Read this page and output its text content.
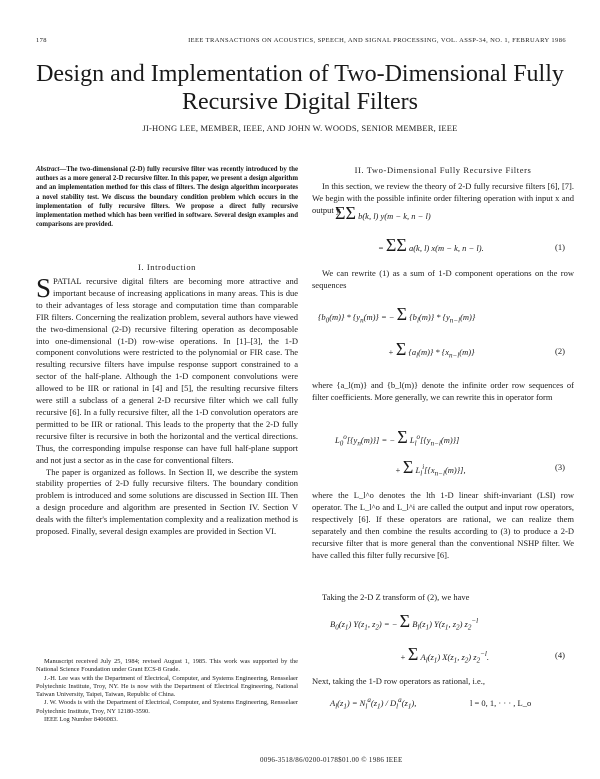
178	IEEE TRANSACTIONS ON ACOUSTICS, SPEECH, AND SIGNAL PROCESSING, VOL. ASSP-34, NO. 1, FEBRUARY 1986
Design and Implementation of Two-Dimensional Fully
Recursive Digital Filters
JI-HONG LEE, MEMBER, IEEE, AND JOHN W. WOODS, SENIOR MEMBER, IEEE
Abstract—The two-dimensional (2-D) fully recursive filter was recently introduced by the authors as a more general 2-D recursive filter. In this paper, we present a design algorithm and an implementation method for this class of filters. The design algorithm incorporates a novel stability test. We discuss the boundary condition problem which occurs in the implementation of fully recursive filters. We propose a direct fully recursive implementation method which has been verified in software. Several design examples and comparisons are provided.
I. Introduction

SPATIAL recursive digital filters are becoming more attractive and important because of increasing applications in many areas. This is due to their advantages of less storage and computation time than comparable FIR filters. Concerning the realization problem, several authors have viewed the two-dimensional (2-D) recursive filtering operation as decomposable into one-dimensional (1-D) row-wise operations. In [1]–[3], the 1-D component convolutions were restricted to the polynomial or FIR case. The resulting recursive filters have impulse response support constrained to a sector of the half-plane. Although the 1-D component convolutions were allowed to be IIR or rational in [4] and [5], the resulting recursive filters were still a subclass of a general 2-D recursive filter which we call fully recursive [6]. In a fully recursive filter, all the 1-D convolution operators are permitted to be IIR or rational. This leads to the property that the 2-D fully recursive filter is recursive in both the horizontal and the vertical directions. Thus, the corresponding impulse response can have full half-plane support and not just a sector as in the case for conventional filters.

The paper is organized as follows. In Section II, we describe the system stability properties of 2-D fully recursive filters. The boundary condition problem is introduced and some solutions are discussed in Section III. Then a design procedure and algorithm are presented in Section IV. Section V deals with the filter's implementation complexity and a realization method is proposed. Finally, several design examples are provided in Section VI.

Manuscript received July 25, 1984; revised August 1, 1985. This work was supported by the National Science Foundation under Grant ECS-8 Grade.

J.-H. Lee was with the Department of Electrical, Computer, and Systems Engineering, Rensselaer Polytechnic Institute, Troy, NY. He is now with the Department of Electrical Engineering, National Taiwan University, Taipei, Taiwan, Republic of China.

J. W. Woods is with the Department of Electrical, Computer, and Systems Engineering, Rensselaer Polytechnic Institute, Troy, NY 12180-3590.

IEEE Log Number 8406083.

II. Two-Dimensional Fully Recursive Filters
In this section, we review the theory of 2-D fully recursive filters [6], [7]. We begin with the possible infinite order filtering operation with input x and output y
ΣΣ b(k, l) y(m − k, n − l)
= ΣΣ a(k, l) x(m − k, n − l).	(1)
We can rewrite (1) as a sum of 1-D component operations on the row sequences
$\{b_0(m)\} * \{y_n(m)\}$ = − Σ $\{b_l(m)\} * \{y_{n-l}(m)\}$
+ Σ $\{a_l(m)\} * \{x_{n-l}(m)\}$	(2)
where {a_l(m)} and {b_l(m)} denote the infinite order row sequences of filter coefficients. More generally, we can rewrite this in operator form
$L_0^o[\{y_n(m)\}]$ = − Σ $L_l^o[\{y_{n-l}(m)\}]$
+ Σ $L_l^i[\{x_{n-l}(m)\}]$,	(3)
where the L_l^o denotes the lth 1-D linear shift-invariant (LSI) row operator. The L_l^o and L_l^i are called the output and input row operators, respectively [6]. If these operators are rational, we can realize them separately and then combine the results according to (3) to produce a 2-D recursive filter that is more general than the conventional NSHP filter. We have called this filter fully recursive [6].
Taking the 2-D Z transform of (2), we have
$B_0(z_1)$ $Y(z_1$, $z_2$) = − Σ $B_l(z_1)$ $Y(z_1$, $z_2$) $z_2^{-l}$
+ Σ $A_l(z_1)$ $X(z_1$, $z_2$) $z_2^{-l}$.	(4)
Next, taking the 1-D row operators as rational, i.e.,
$A_l(z_1) = N_l^a(z_1) / D_l^a(z_1)$,	l = 0, 1, · · · , L_o
0096-3518/86/0200-0178$01.00 © 1986 IEEE
